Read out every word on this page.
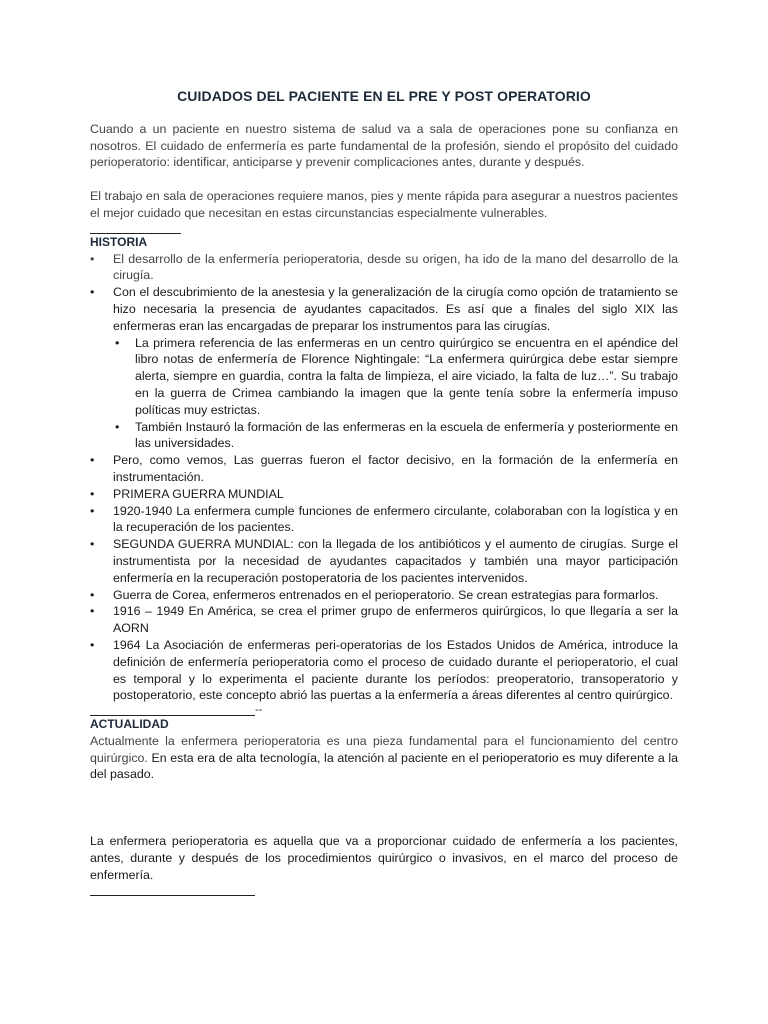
CUIDADOS DEL PACIENTE EN EL PRE Y POST OPERATORIO

Cuando a un paciente en nuestro sistema de salud va a sala de operaciones pone su confianza en nosotros. El cuidado de enfermería es parte fundamental de la profesión, siendo el propósito del cuidado perioperatorio: identificar, anticiparse y prevenir complicaciones antes, durante y después.

El trabajo en sala de operaciones requiere manos, pies y mente rápida para asegurar a nuestros pacientes el mejor cuidado que necesitan en estas circunstancias especialmente vulnerables.

HISTORIA

• El desarrollo de la enfermería perioperatoria, desde su origen, ha ido de la mano del desarrollo de la cirugía.
• Con el descubrimiento de la anestesia y la generalización de la cirugía como opción de tratamiento se hizo necesaria la presencia de ayudantes capacitados. Es así que a finales del siglo XIX las enfermeras eran las encargadas de preparar los instrumentos para las cirugías.
• La primera referencia de las enfermeras en un centro quirúrgico se encuentra en el apéndice del libro notas de enfermería de Florence Nightingale: “La enfermera quirúrgica debe estar siempre alerta, siempre en guardia, contra la falta de limpieza, el aire viciado, la falta de luz…”. Su trabajo en la guerra de Crimea cambiando la imagen que la gente tenía sobre la enfermería impuso políticas muy estrictas.
• También Instauró la formación de las enfermeras en la escuela de enfermería y posteriormente en las universidades.
• Pero, como vemos, Las guerras fueron el factor decisivo, en la formación de la enfermería en instrumentación.
• PRIMERA GUERRA MUNDIAL
• 1920-1940 La enfermera cumple funciones de enfermero circulante, colaboraban con la logística y en la recuperación de los pacientes.
• SEGUNDA GUERRA MUNDIAL: con la llegada de los antibióticos y el aumento de cirugías. Surge el instrumentista por la necesidad de ayudantes capacitados y también una mayor participación enfermería en la recuperación postoperatoria de los pacientes intervenidos.
• Guerra de Corea, enfermeros entrenados en el perioperatorio. Se crean estrategias para formarlos.
• 1916 – 1949 En América, se crea el primer grupo de enfermeros quirúrgicos, lo que llegaría a ser la AORN
• 1964 La Asociación de enfermeras peri-operatorias de los Estados Unidos de América, introduce la definición de enfermería perioperatoria como el proceso de cuidado durante el perioperatorio, el cual es temporal y lo experimenta el paciente durante los períodos: preoperatorio, transoperatorio y postoperatorio, este concepto abrió las puertas a la enfermería a áreas diferentes al centro quirúrgico.
--

ACTUALIDAD

Actualmente la enfermera perioperatoria es una pieza fundamental para el funcionamiento del centro quirúrgico. En esta era de alta tecnología, la atención al paciente en el perioperatorio es muy diferente a la del pasado.

La enfermera perioperatoria es aquella que va a proporcionar cuidado de enfermería a los pacientes, antes, durante y después de los procedimientos quirúrgico o invasivos, en el marco del proceso de enfermería.
